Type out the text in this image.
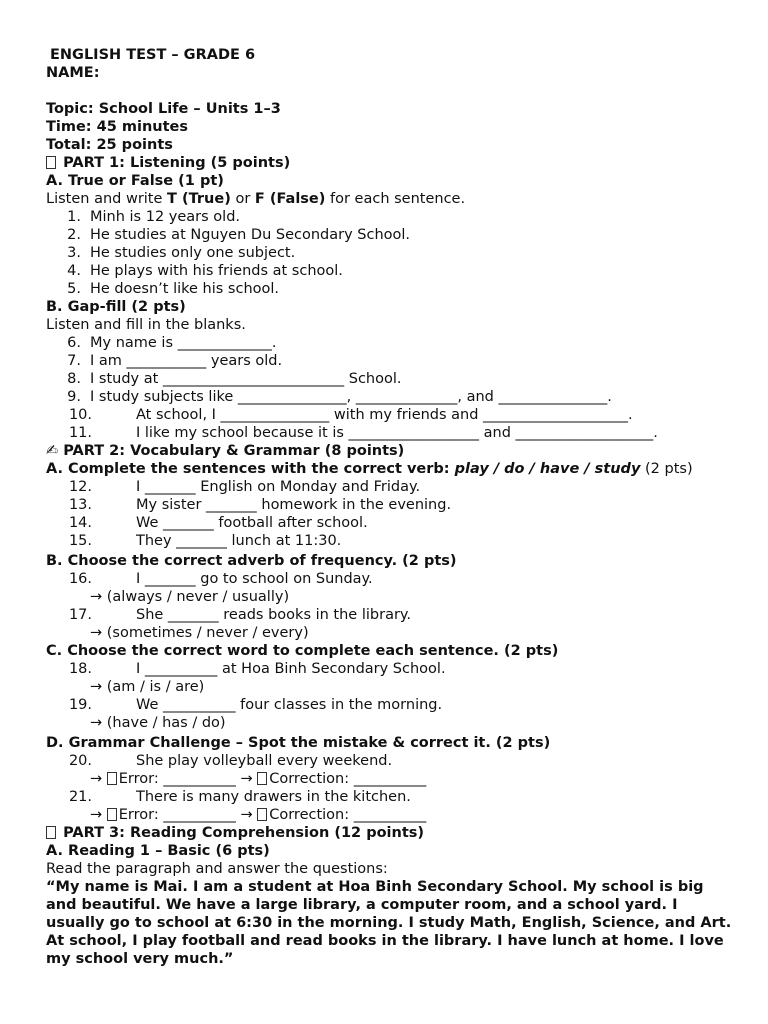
ENGLISH TEST – GRADE 6
NAME:
Topic: School Life – Units 1–3
Time: 45 minutes
Total: 25 points
PART 1: Listening (5 points)
A. True or False (1 pt)
Listen and write T (True) or F (False) for each sentence.
1. Minh is 12 years old.
2. He studies at Nguyen Du Secondary School.
3. He studies only one subject.
4. He plays with his friends at school.
5. He doesn’t like his school.
B. Gap-fill (2 pts)
Listen and fill in the blanks.
6. My name is _____________.
7. I am ___________ years old.
8. I study at _________________________ School.
9. I study subjects like _______________, ______________, and _______________.
10.	At school, I _______________ with my friends and ____________________.
11.	I like my school because it is __________________ and ___________________.
✍ PART 2: Vocabulary & Grammar (8 points)
A. Complete the sentences with the correct verb: play / do / have / study (2 pts)
12.	I _______ English on Monday and Friday.
13.	My sister _______ homework in the evening.
14.	We _______ football after school.
15.	They _______ lunch at 11:30.
B. Choose the correct adverb of frequency. (2 pts)
16.	I _______ go to school on Sunday.
→ (always / never / usually)
17.	She _______ reads books in the library.
→ (sometimes / never / every)
C. Choose the correct word to complete each sentence. (2 pts)
18.	I __________ at Hoa Binh Secondary School.
→ (am / is / are)
19.	We __________ four classes in the morning.
→ (have / has / do)
D. Grammar Challenge – Spot the mistake & correct it. (2 pts)
20.	She play volleyball every weekend.
→ Error: __________ → Correction: __________
21.	There is many drawers in the kitchen.
→ Error: __________ → Correction: __________
PART 3: Reading Comprehension (12 points)
A. Reading 1 – Basic (6 pts)
Read the paragraph and answer the questions:

“My name is Mai. I am a student at Hoa Binh Secondary School. My school is big and beautiful. We have a large library, a computer room, and a school yard. I usually go to school at 6:30 in the morning. I study Math, English, Science, and Art. At school, I play football and read books in the library. I have lunch at home. I love my school very much.”
